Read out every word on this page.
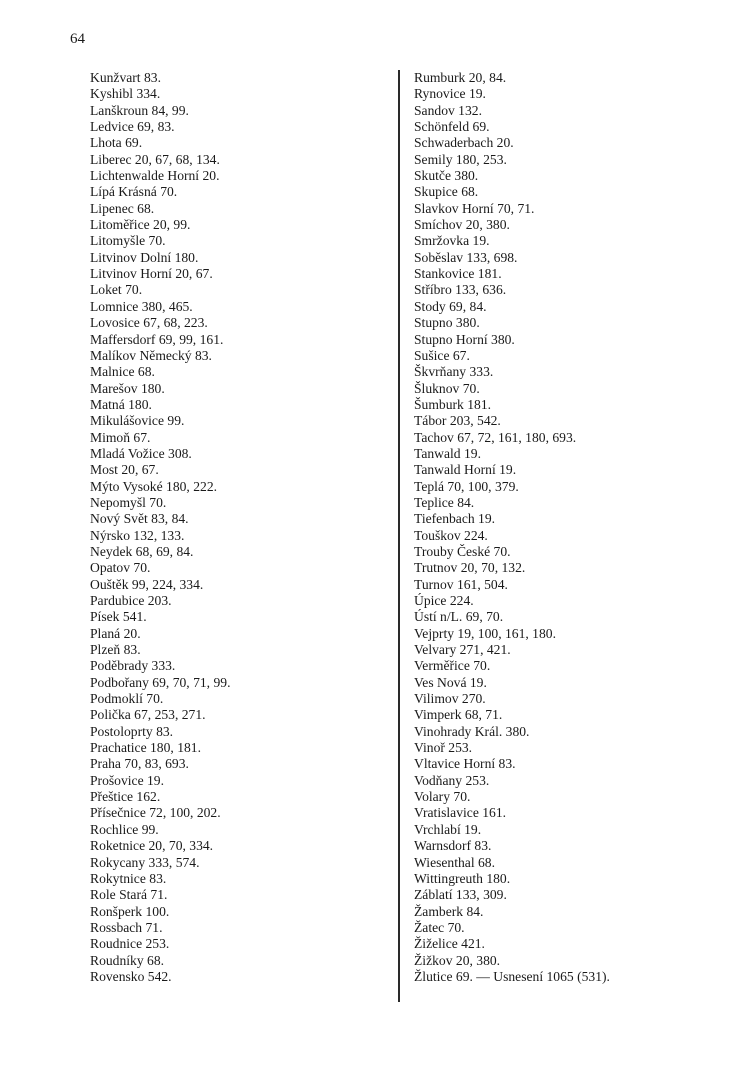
64
Kunžvart 83.
Kyshibl 334.
Lanškroun 84, 99.
Ledvice 69, 83.
Lhota 69.
Liberec 20, 67, 68, 134.
Lichtenwalde Horní 20.
Lípá Krásná 70.
Lipenec 68.
Litoměřice 20, 99.
Litomyšle 70.
Litvinov Dolní 180.
Litvinov Horní 20, 67.
Loket 70.
Lomnice 380, 465.
Lovosice 67, 68, 223.
Maffersdorf 69, 99, 161.
Malíkov Německý 83.
Malnice 68.
Marešov 180.
Matná 180.
Mikulášovice 99.
Mimoň 67.
Mladá Vožice 308.
Most 20, 67.
Mýto Vysoké 180, 222.
Nepomyšl 70.
Nový Svět 83, 84.
Nýrsko 132, 133.
Neydek 68, 69, 84.
Opatov 70.
Ouštěk 99, 224, 334.
Pardubice 203.
Písek 541.
Planá 20.
Plzeň 83.
Poděbrady 333.
Podbořany 69, 70, 71, 99.
Podmoklí 70.
Polička 67, 253, 271.
Postoloprty 83.
Prachatice 180, 181.
Praha 70, 83, 693.
Prošovice 19.
Přeštice 162.
Přísečnice 72, 100, 202.
Rochlice 99.
Roketnice 20, 70, 334.
Rokycany 333, 574.
Rokytnice 83.
Role Stará 71.
Ronšperk 100.
Rossbach 71.
Roudnice 253.
Roudníky 68.
Rovensko 542.
Rumburk 20, 84.
Rynovice 19.
Sandov 132.
Schönfeld 69.
Schwaderbach 20.
Semily 180, 253.
Skutče 380.
Skupice 68.
Slavkov Horní 70, 71.
Smíchov 20, 380.
Smržovka 19.
Soběslav 133, 698.
Stankovice 181.
Stříbro 133, 636.
Stody 69, 84.
Stupno 380.
Stupno Horní 380.
Sušice 67.
Škvrňany 333.
Šluknov 70.
Šumburk 181.
Tábor 203, 542.
Tachov 67, 72, 161, 180, 693.
Tanwald 19.
Tanwald Horní 19.
Teplá 70, 100, 379.
Teplice 84.
Tiefenbach 19.
Touškov 224.
Trouby České 70.
Trutnov 20, 70, 132.
Turnov 161, 504.
Úpice 224.
Ústí n/L. 69, 70.
Vejprty 19, 100, 161, 180.
Velvary 271, 421.
Verměřice 70.
Ves Nová 19.
Vilimov 270.
Vimperk 68, 71.
Vinohrady Král. 380.
Vinoř 253.
Vltavice Horní 83.
Vodňany 253.
Volary 70.
Vratislavice 161.
Vrchlabí 19.
Warnsdorf 83.
Wiesenthal 68.
Wittingreuth 180.
Záblatí 133, 309.
Žamberk 84.
Žatec 70.
Žiželice 421.
Žižkov 20, 380.
Žlutice 69. — Usnesení 1065 (531).
